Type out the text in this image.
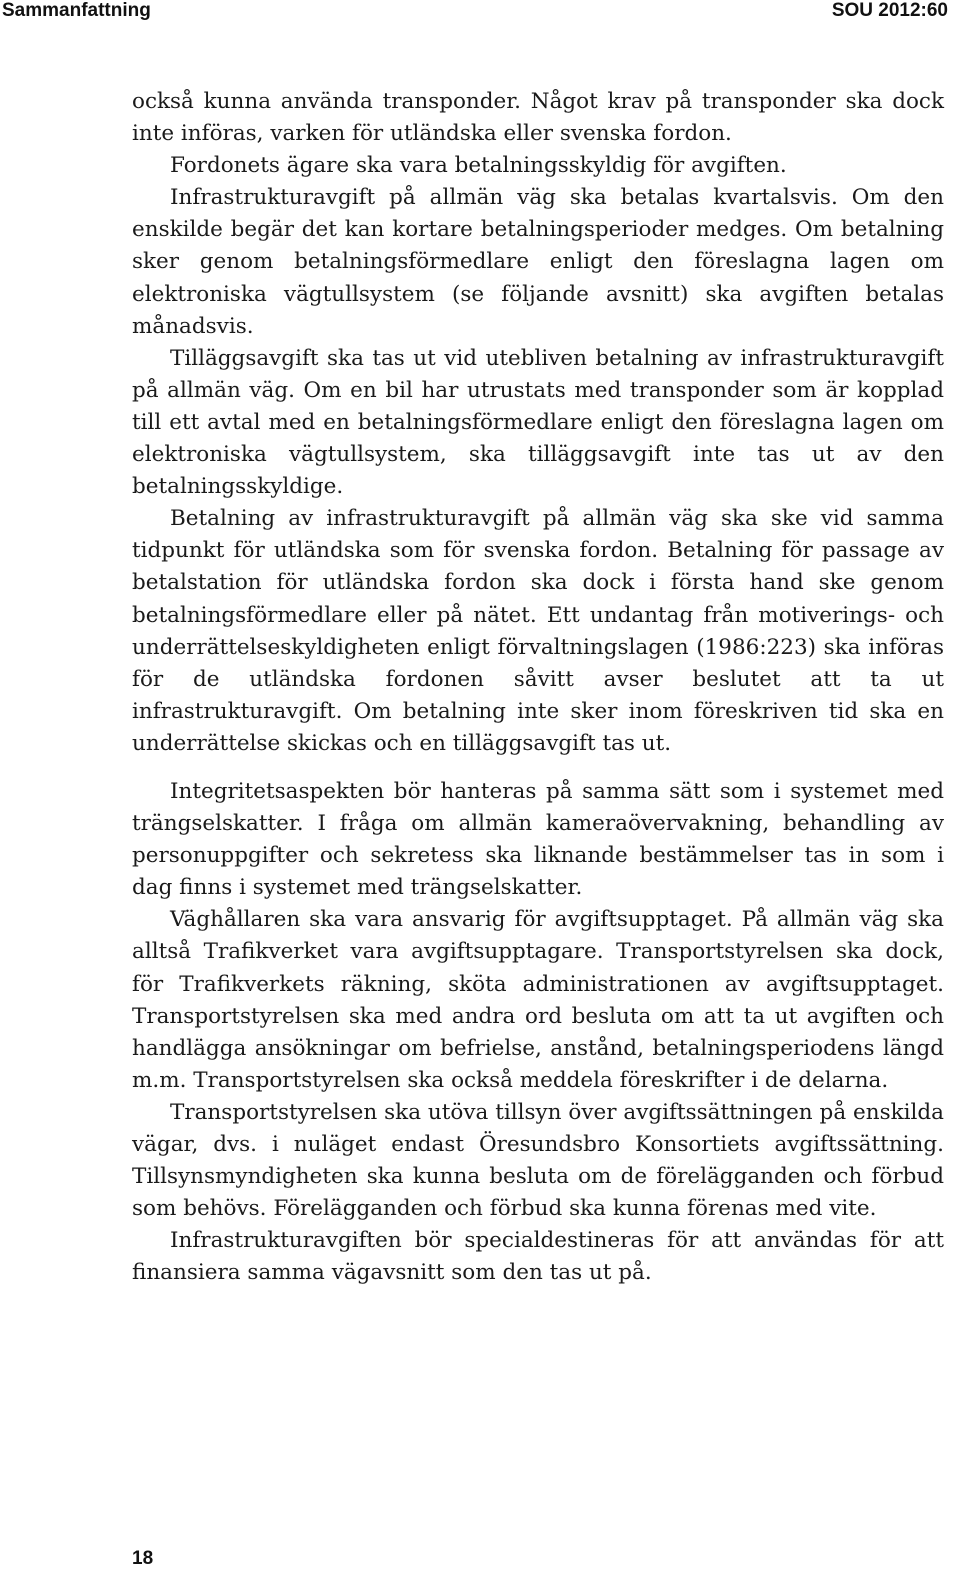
Sammanfattning	SOU 2012:60

också kunna använda transponder. Något krav på transponder ska dock inte införas, varken för utländska eller svenska fordon.

Fordonets ägare ska vara betalningsskyldig för avgiften.

Infrastrukturavgift på allmän väg ska betalas kvartalsvis. Om den enskilde begär det kan kortare betalningsperioder medges. Om betalning sker genom betalningsförmedlare enligt den föreslagna lagen om elektroniska vägtullsystem (se följande avsnitt) ska avgiften betalas månadsvis.

Tilläggsavgift ska tas ut vid utebliven betalning av infrastrukturavgift på allmän väg. Om en bil har utrustats med transponder som är kopplad till ett avtal med en betalningsförmedlare enligt den föreslagna lagen om elektroniska vägtullsystem, ska tilläggsavgift inte tas ut av den betalningsskyldige.

Betalning av infrastrukturavgift på allmän väg ska ske vid samma tidpunkt för utländska som för svenska fordon. Betalning för passage av betalstation för utländska fordon ska dock i första hand ske genom betalningsförmedlare eller på nätet. Ett undantag från motiverings- och underrättelseskyldigheten enligt förvaltningslagen (1986:223) ska införas för de utländska fordonen såvitt avser beslutet att ta ut infrastrukturavgift. Om betalning inte sker inom föreskriven tid ska en underrättelse skickas och en tilläggsavgift tas ut.

Integritetsaspekten bör hanteras på samma sätt som i systemet med trängselskatter. I fråga om allmän kameraövervakning, behandling av personuppgifter och sekretess ska liknande bestämmelser tas in som i dag finns i systemet med trängselskatter.

Väghållaren ska vara ansvarig för avgiftsupptaget. På allmän väg ska alltså Trafikverket vara avgiftsupptagare. Transportstyrelsen ska dock, för Trafikverkets räkning, sköta administrationen av avgiftsupptaget. Transportstyrelsen ska med andra ord besluta om att ta ut avgiften och handlägga ansökningar om befrielse, anstånd, betalningsperiodens längd m.m. Transportstyrelsen ska också meddela föreskrifter i de delarna.

Transportstyrelsen ska utöva tillsyn över avgiftssättningen på enskilda vägar, dvs. i nuläget endast Öresundsbro Konsortiets avgiftssättning. Tillsynsmyndigheten ska kunna besluta om de förelägganden och förbud som behövs. Förelägganden och förbud ska kunna förenas med vite.

Infrastrukturavgiften bör specialdestineras för att användas för att finansiera samma vägavsnitt som den tas ut på.

18
